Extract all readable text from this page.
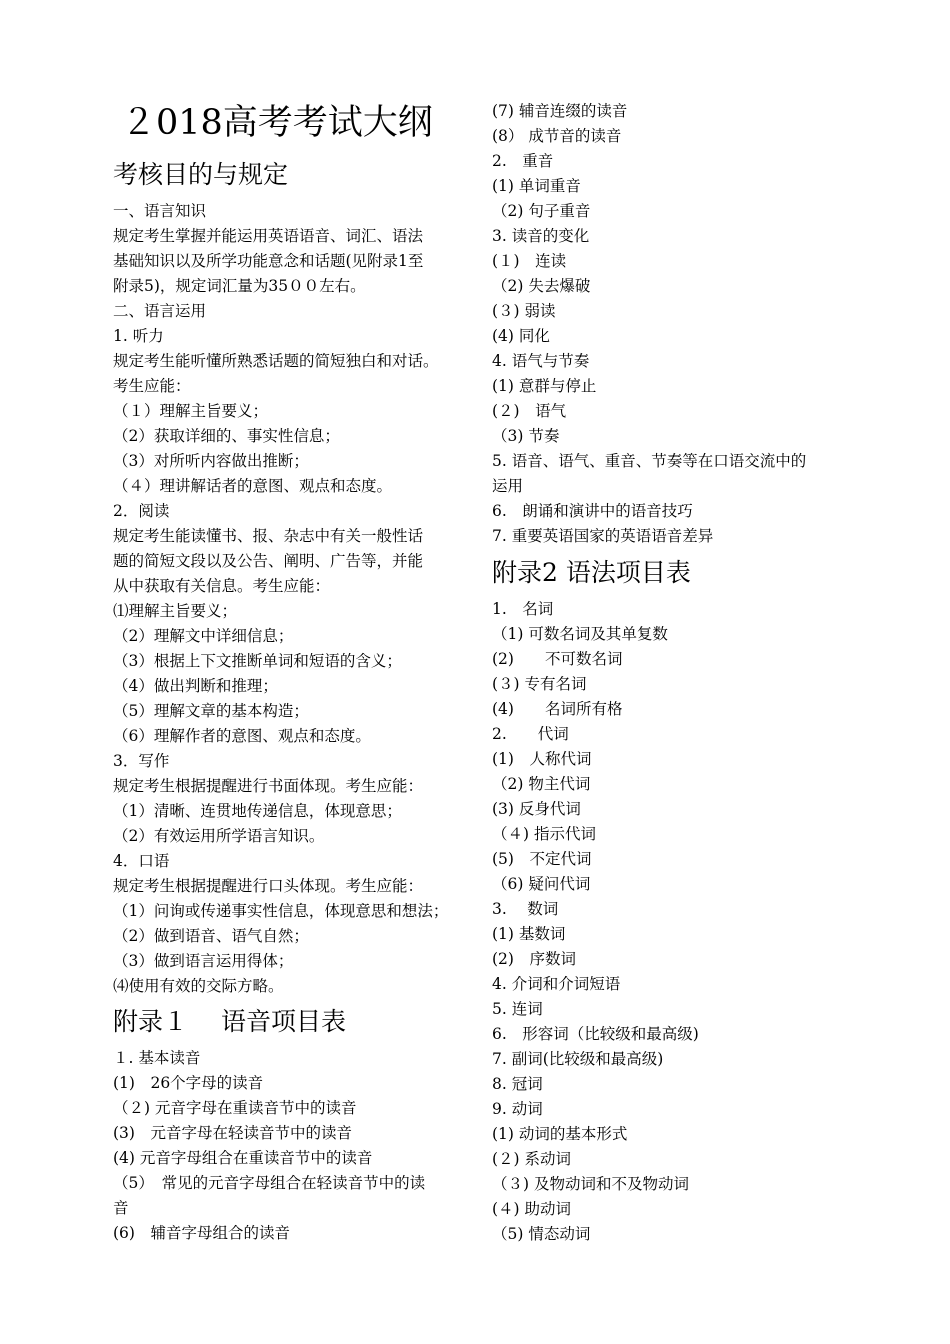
２018高考考试大纲
考核目的与规定
一、语言知识
规定考生掌握并能运用英语语音、词汇、语法
基础知识以及所学功能意念和话题(见附录1至
附录5)，规定词汇量为35００左右。
二、语言运用
1. 听力
规定考生能听懂所熟悉话题的简短独白和对话。
考生应能：
（１）理解主旨要义；
（2）获取详细的、事实性信息；
（3）对所听内容做出推断；
（４）理讲解话者的意图、观点和态度。
2．阅读
规定考生能读懂书、报、杂志中有关一般性话
题的简短文段以及公告、阐明、广告等，并能
从中获取有关信息。考生应能：
⑴理解主旨要义；
（2）理解文中详细信息；
（3）根据上下文推断单词和短语的含义；
（4）做出判断和推理；
（5）理解文章的基本构造；
（6）理解作者的意图、观点和态度。
3．写作
规定考生根据提醒进行书面体现。考生应能：
（1）清晰、连贯地传递信息，体现意思；
（2）有效运用所学语言知识。
4．口语
规定考生根据提醒进行口头体现。考生应能：
（1）问询或传递事实性信息，体现意思和想法；
（2）做到语音、语气自然；
（3）做到语言运用得体；
⑷使用有效的交际方略。
附录１　 语音项目表
１. 基本读音
(1)　26个字母的读音
（２) 元音字母在重读音节中的读音
(3)　元音字母在轻读音节中的读音
(4) 元音字母组合在重读音节中的读音
（5）　常见的元音字母组合在轻读音节中的读
音
(6)　辅音字母组合的读音
(7) 辅音连缀的读音
(8） 成节音的读音
2.　重音
(1) 单词重音
（2) 句子重音
3. 读音的变化
(１)　连读
（2) 失去爆破
(３) 弱读
(4) 同化
4. 语气与节奏
(1) 意群与停止
(２)　语气
（3) 节奏
5. 语音、语气、重音、节奏等在口语交流中的
运用
6.　朗诵和演讲中的语音技巧
7. 重要英语国家的英语语音差异
附录2 语法项目表
1.　名词
（1) 可数名词及其单复数
(2)　　不可数名词
(３) 专有名词
(4)　　名词所有格
2.　　代词
(1)　人称代词
（2) 物主代词
(3) 反身代词
（４) 指示代词
(5)　不定代词
（6) 疑问代词
3.　 数词
(1) 基数词
(2)　序数词
4. 介词和介词短语
5. 连词
6.　形容词（比较级和最高级)
7. 副词(比较级和最高级)
8. 冠词
9. 动词
(1) 动词的基本形式
(２) 系动词
（３) 及物动词和不及物动词
(４) 助动词
（5) 情态动词
